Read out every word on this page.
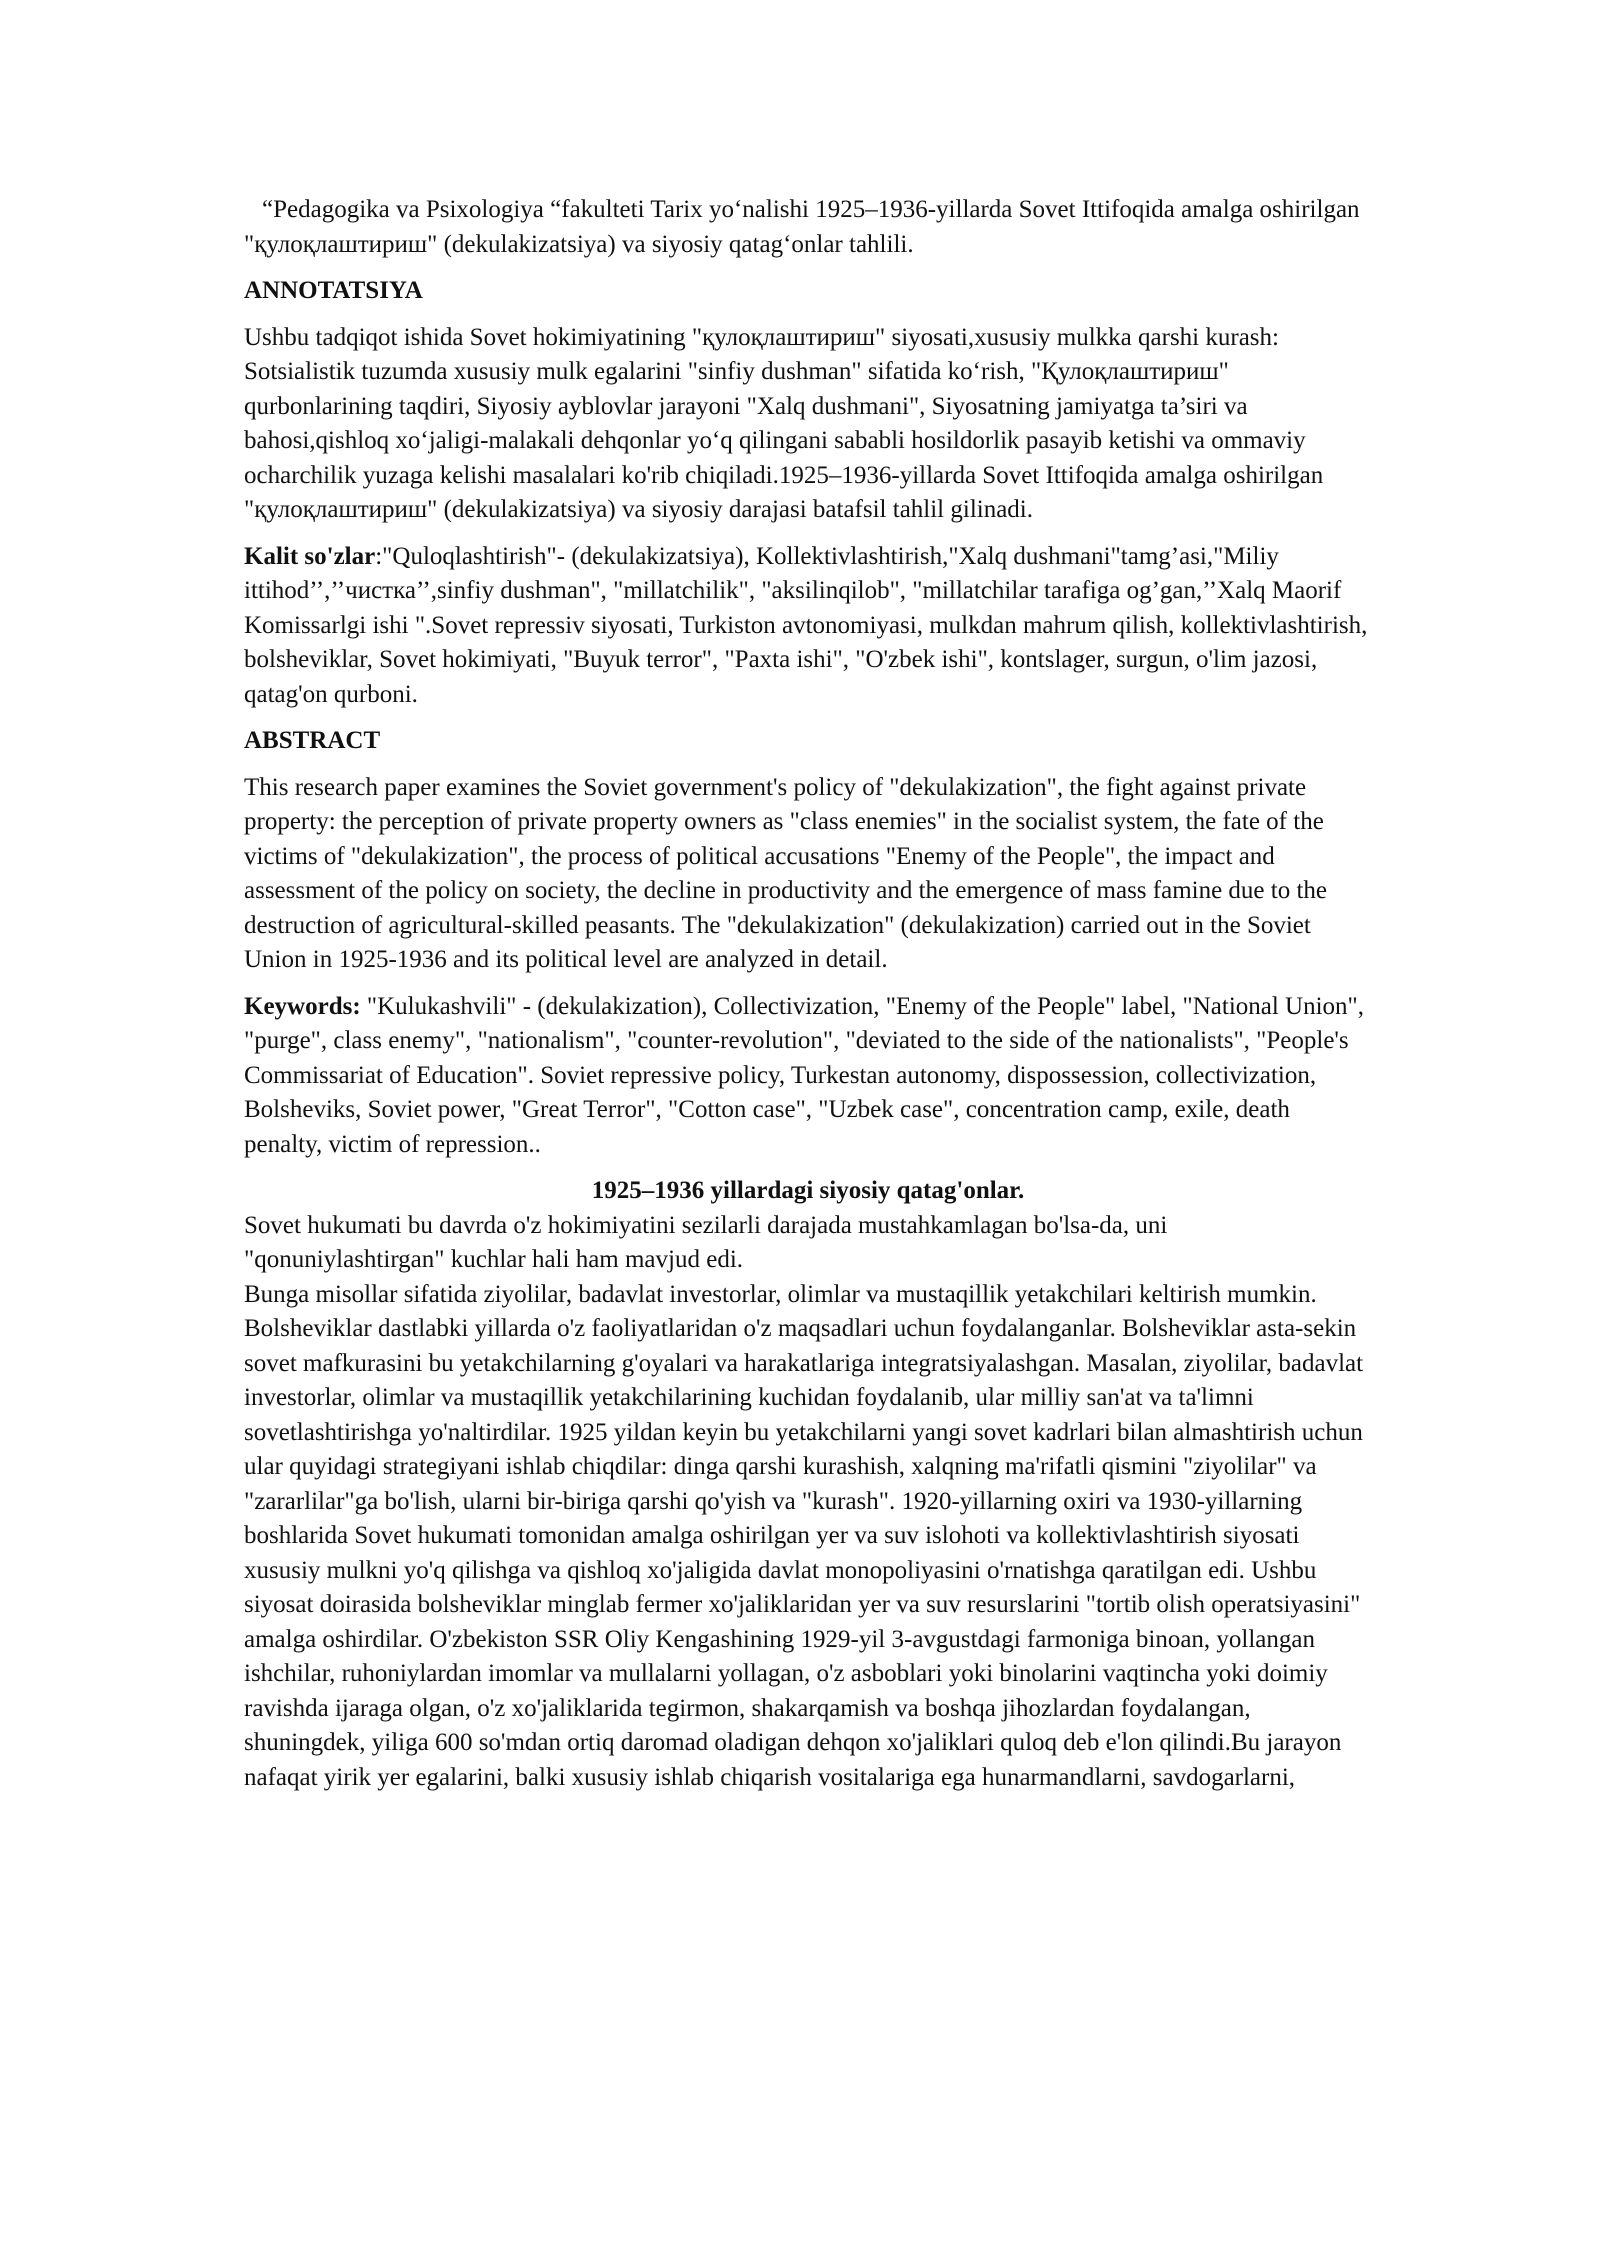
“Pedagogika va Psixologiya “fakulteti Tarix yo‘nalishi 1925–1936-yillarda Sovet Ittifoqida amalga oshirilgan "қулоқлаштириш" (dekulakizatsiya) va siyosiy qatag‘onlar tahlili.

ANNOTATSIYA

Ushbu tadqiqot ishida Sovet hokimiyatining "қулоқлаштириш" siyosati,xususiy mulkka qarshi kurash: Sotsialistik tuzumda xususiy mulk egalarini "sinfiy dushman" sifatida ko‘rish, "Қулоқлаштириш" qurbonlarining taqdiri, Siyosiy ayblovlar jarayoni "Xalq dushmani", Siyosatning jamiyatga ta’siri va bahosi,qishloq xo‘jaligi-malakali dehqonlar yo‘q qilingani sababli hosildorlik pasayib ketishi va ommaviy ocharchilik yuzaga kelishi masalalari ko'rib chiqiladi.1925–1936-yillarda Sovet Ittifoqida amalga oshirilgan "қулоқлаштириш" (dekulakizatsiya) va siyosiy darajasi batafsil tahlil gilinadi.

Kalit so'zlar:"Quloqlashtirish"- (dekulakizatsiya), Kollektivlashtirish,"Xalq dushmani"tamg’asi,"Miliy ittihod’’,’’чистка’’,sinfiy dushman", "millatchilik", "aksilinqilob", "millatchilar tarafiga og’gan,’’Xalq Maorif Komissarlgi ishi ".Sovet repressiv siyosati, Turkiston avtonomiyasi, mulkdan mahrum qilish, kollektivlashtirish, bolsheviklar, Sovet hokimiyati, "Buyuk terror", "Paxta ishi", "O'zbek ishi", kontslager, surgun, o'lim jazosi, qatag'on qurboni.

ABSTRACT

This research paper examines the Soviet government's policy of "dekulakization", the fight against private property: the perception of private property owners as "class enemies" in the socialist system, the fate of the victims of "dekulakization", the process of political accusations "Enemy of the People", the impact and assessment of the policy on society, the decline in productivity and the emergence of mass famine due to the destruction of agricultural-skilled peasants. The "dekulakization" (dekulakization) carried out in the Soviet Union in 1925-1936 and its political level are analyzed in detail.

Keywords: "Kulukashvili" - (dekulakization), Collectivization, "Enemy of the People" label, "National Union", "purge", class enemy", "nationalism", "counter-revolution", "deviated to the side of the nationalists", "People's Commissariat of Education". Soviet repressive policy, Turkestan autonomy, dispossession, collectivization, Bolsheviks, Soviet power, "Great Terror", "Cotton case", "Uzbek case", concentration camp, exile, death penalty, victim of repression..

1925–1936 yillardagi siyosiy qatag'onlar.

Sovet hukumati bu davrda o'z hokimiyatini sezilarli darajada mustahkamlagan bo'lsa-da, uni "qonuniylashtirgan" kuchlar hali ham mavjud edi.

Bunga misollar sifatida ziyolilar, badavlat investorlar, olimlar va mustaqillik yetakchilari keltirish mumkin. Bolsheviklar dastlabki yillarda o'z faoliyatlaridan o'z maqsadlari uchun foydalanganlar. Bolsheviklar asta-sekin sovet mafkurasini bu yetakchilarning g'oyalari va harakatlariga integratsiyalashgan. Masalan, ziyolilar, badavlat investorlar, olimlar va mustaqillik yetakchilarining kuchidan foydalanib, ular milliy san'at va ta'limni sovetlashtirishga yo'naltirdilar. 1925 yildan keyin bu yetakchilarni yangi sovet kadrlari bilan almashtirish uchun ular quyidagi strategiyani ishlab chiqdilar: dinga qarshi kurashish, xalqning ma'rifatli qismini "ziyolilar" va "zararlilar"ga bo'lish, ularni bir-biriga qarshi qo'yish va "kurash". 1920-yillarning oxiri va 1930-yillarning boshlarida Sovet hukumati tomonidan amalga oshirilgan yer va suv islohoti va kollektivlashtirish siyosati xususiy mulkni yo'q qilishga va qishloq xo'jaligida davlat monopoliyasini o'rnatishga qaratilgan edi. Ushbu siyosat doirasida bolsheviklar minglab fermer xo'jaliklaridan yer va suv resurslarini "tortib olish operatsiyasini" amalga oshirdilar. O'zbekiston SSR Oliy Kengashining 1929-yil 3-avgustdagi farmoniga binoan, yollangan ishchilar, ruhoniylardan imomlar va mullalarni yollagan, o'z asboblari yoki binolarini vaqtincha yoki doimiy ravishda ijaraga olgan, o'z xo'jaliklarida tegirmon, shakarqamish va boshqa jihozlardan foydalangan, shuningdek, yiliga 600 so'mdan ortiq daromad oladigan dehqon xo'jaliklari quloq deb e'lon qilindi.Bu jarayon nafaqat yirik yer egalarini, balki xususiy ishlab chiqarish vositalariga ega hunarmandlarni, savdogarlarni,
